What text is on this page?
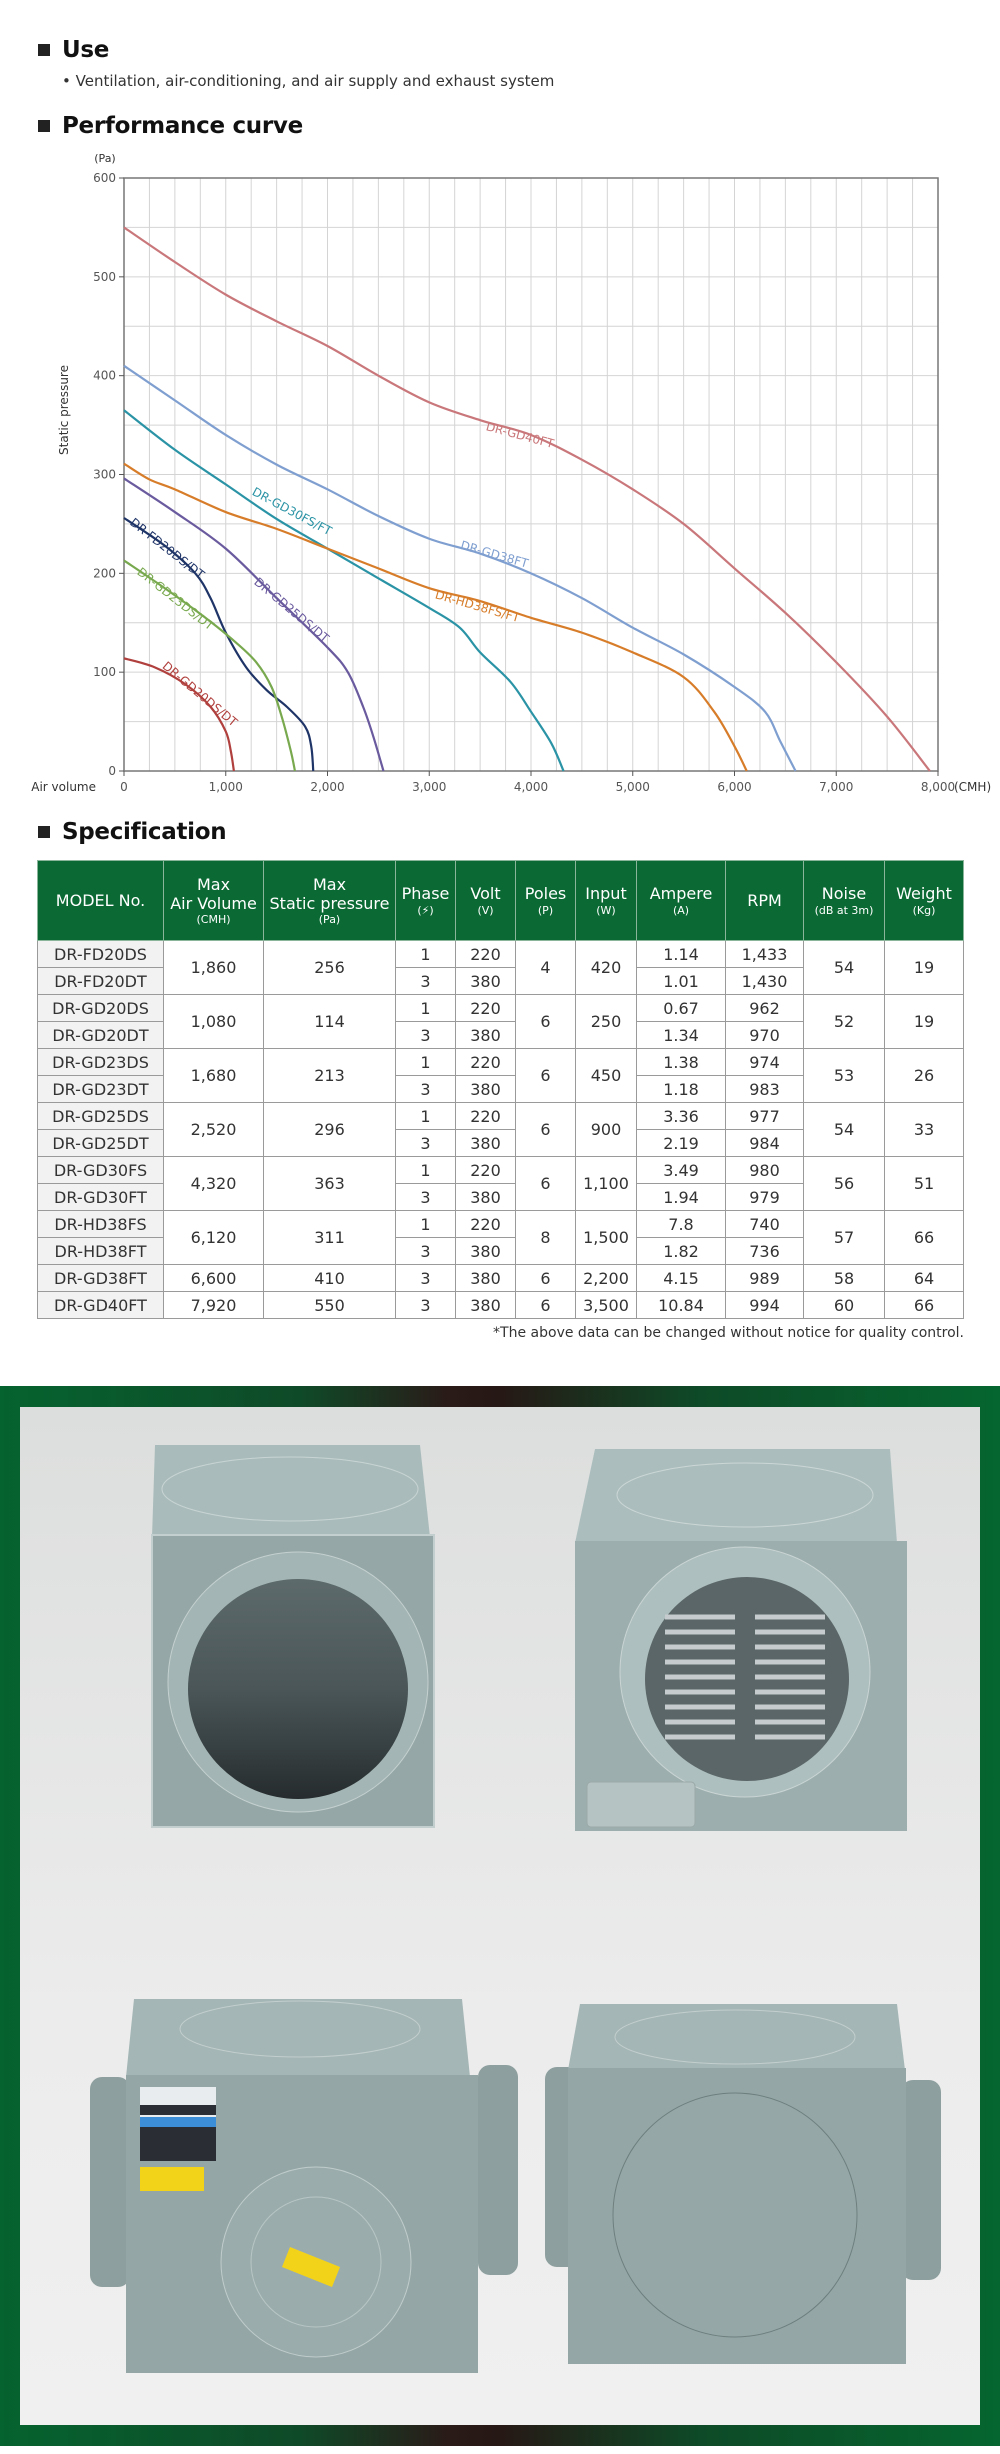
Use
• Ventilation, air-conditioning, and air supply and exhaust system
Performance curve
0
100
200
300
400
500
600
0	1,000	2,000	3,000	4,000	5,000	6,000	7,000	8,000
(CMH)
Air volume
(Pa)
Static pressure	DR-GD40FT
DR-GD38FT
DR-GD30FS/FT
DR-HD38FS/FT
DR-GD25DS/DT
DR-FD20DS/DT
DR-GD23DS/DT
DR-GD20DS/DT
Specification
MODEL No.	Max
Air Volume
(CMH)	Max
Static pressure
(Pa)	Phase
(⚡)	Volt
(V)	Poles
(P)	Input
(W)	Ampere
(A)	RPM	Noise
(dB at 3m)	Weight
(Kg)

DR-FD20DS	1,860	256	1	220	4	420	1.14	1,433	54	19
DR-FD20DT			3	380			1.01	1,430		
DR-GD20DS	1,080	114	1	220	6	250	0.67	962	52	19
DR-GD20DT			3	380			1.34	970		
DR-GD23DS	1,680	213	1	220	6	450	1.38	974	53	26
DR-GD23DT			3	380			1.18	983		
DR-GD25DS	2,520	296	1	220	6	900	3.36	977	54	33
DR-GD25DT			3	380			2.19	984		
DR-GD30FS	4,320	363	1	220	6	1,100	3.49	980	56	51
DR-GD30FT			3	380			1.94	979		
DR-HD38FS	6,120	311	1	220	8	1,500	7.8	740	57	66
DR-HD38FT			3	380			1.82	736		
DR-GD38FT	6,600	410	3	380	6	2,200	4.15	989	58	64
DR-GD40FT	7,920	550	3	380	6	3,500	10.84	994	60	66
*The above data can be changed without notice for quality control.
